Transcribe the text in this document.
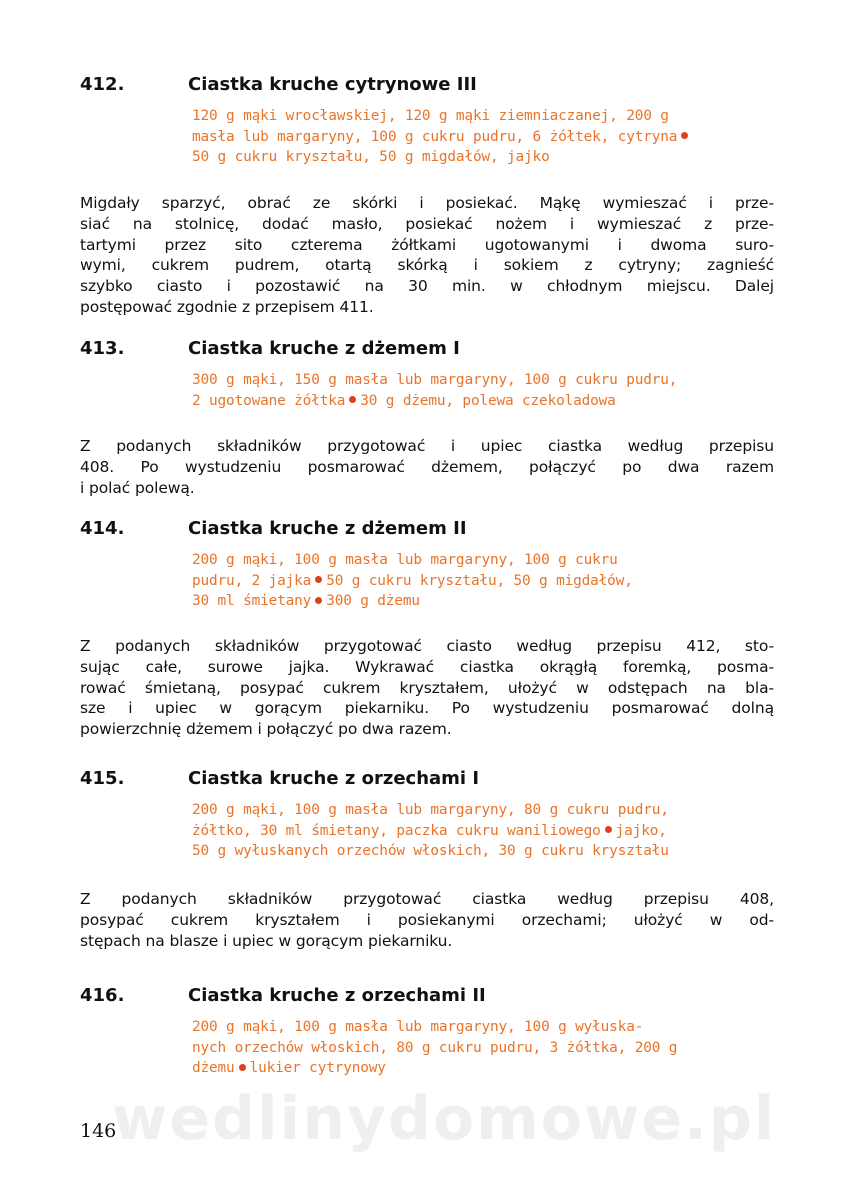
412.	Ciastka kruche cytrynowe III
120 g mąki wrocławskiej, 120 g mąki ziemniaczanej, 200 g
masła lub margaryny, 100 g cukru pudru, 6 żółtek, cytryna
50 g cukru kryształu, 50 g migdałów, jajko
Migdały sparzyć, obrać ze skórki i posiekać. Mąkę wymieszać i prze-
siać na stolnicę, dodać masło, posiekać nożem i wymieszać z prze-
tartymi przez sito czterema żółtkami ugotowanymi i dwoma suro-
wymi, cukrem pudrem, otartą skórką i sokiem z cytryny; zagnieść
szybko ciasto i pozostawić na 30 min. w chłodnym miejscu. Dalej
postępować zgodnie z przepisem 411.
413.	Ciastka kruche z dżemem I
300 g mąki, 150 g masła lub margaryny, 100 g cukru pudru,
2 ugotowane żółtka 30 g dżemu, polewa czekoladowa
Z podanych składników przygotować i upiec ciastka według przepisu
408. Po wystudzeniu posmarować dżemem, połączyć po dwa razem
i polać polewą.
414.	Ciastka kruche z dżemem II
200 g mąki, 100 g masła lub margaryny, 100 g cukru
pudru, 2 jajka 50 g cukru kryształu, 50 g migdałów,
30 ml śmietany 300 g dżemu
Z podanych składników przygotować ciasto według przepisu 412, sto-
sując całe, surowe jajka. Wykrawać ciastka okrągłą foremką, posma-
rować śmietaną, posypać cukrem kryształem, ułożyć w odstępach na bla-
sze i upiec w gorącym piekarniku. Po wystudzeniu posmarować dolną
powierzchnię dżemem i połączyć po dwa razem.
415.	Ciastka kruche z orzechami I
200 g mąki, 100 g masła lub margaryny, 80 g cukru pudru,
żółtko, 30 ml śmietany, paczka cukru waniliowego jajko,
50 g wyłuskanych orzechów włoskich, 30 g cukru kryształu
Z podanych składników przygotować ciastka według przepisu 408,
posypać cukrem kryształem i posiekanymi orzechami; ułożyć w od-
stępach na blasze i upiec w gorącym piekarniku.
416.	Ciastka kruche z orzechami II
200 g mąki, 100 g masła lub margaryny, 100 g wyłuska-
nych orzechów włoskich, 80 g cukru pudru, 3 żółtka, 200 g
dżemu lukier cytrynowy
wedlinydomowe.pl
146
